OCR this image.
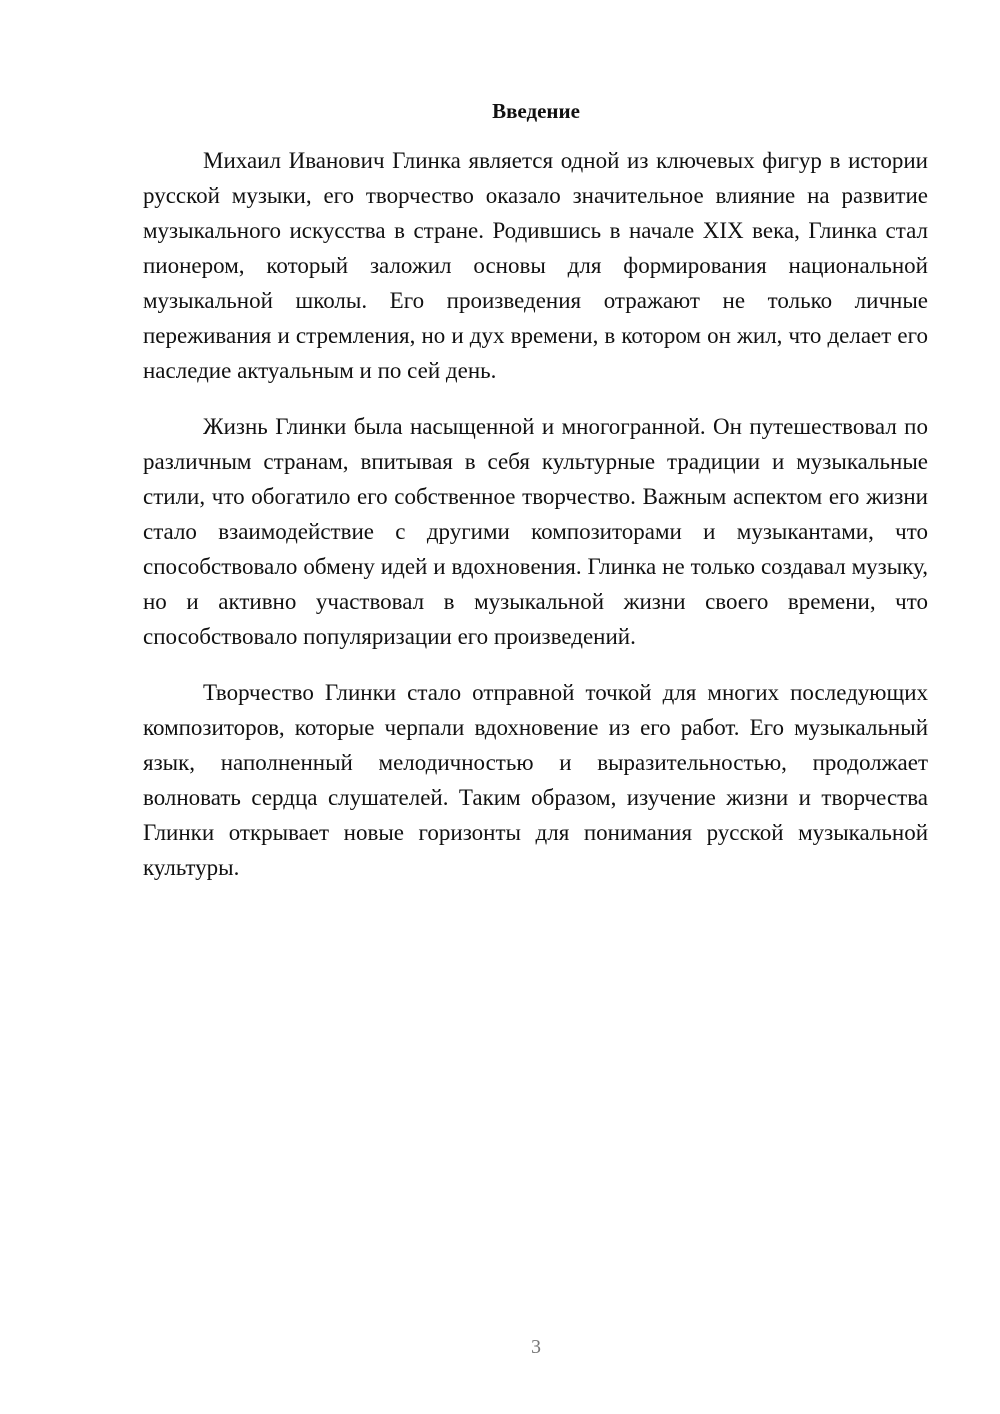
Введение

Михаил Иванович Глинка является одной из ключевых фигур в истории русской музыки, его творчество оказало значительное влияние на развитие музыкального искусства в стране. Родившись в начале XIX века, Глинка стал пионером, который заложил основы для формирования национальной музыкальной школы. Его произведения отражают не только личные переживания и стремления, но и дух времени, в котором он жил, что делает его наследие актуальным и по сей день.

Жизнь Глинки была насыщенной и многогранной. Он путешествовал по различным странам, впитывая в себя культурные традиции и музыкальные стили, что обогатило его собственное творчество. Важным аспектом его жизни стало взаимодействие с другими композиторами и музыкантами, что способствовало обмену идей и вдохновения. Глинка не только создавал музыку, но и активно участвовал в музыкальной жизни своего времени, что способствовало популяризации его произведений.

Творчество Глинки стало отправной точкой для многих последующих композиторов, которые черпали вдохновение из его работ. Его музыкальный язык, наполненный мелодичностью и выразительностью, продолжает волновать сердца слушателей. Таким образом, изучение жизни и творчества Глинки открывает новые горизонты для понимания русской музыкальной культуры.

3
